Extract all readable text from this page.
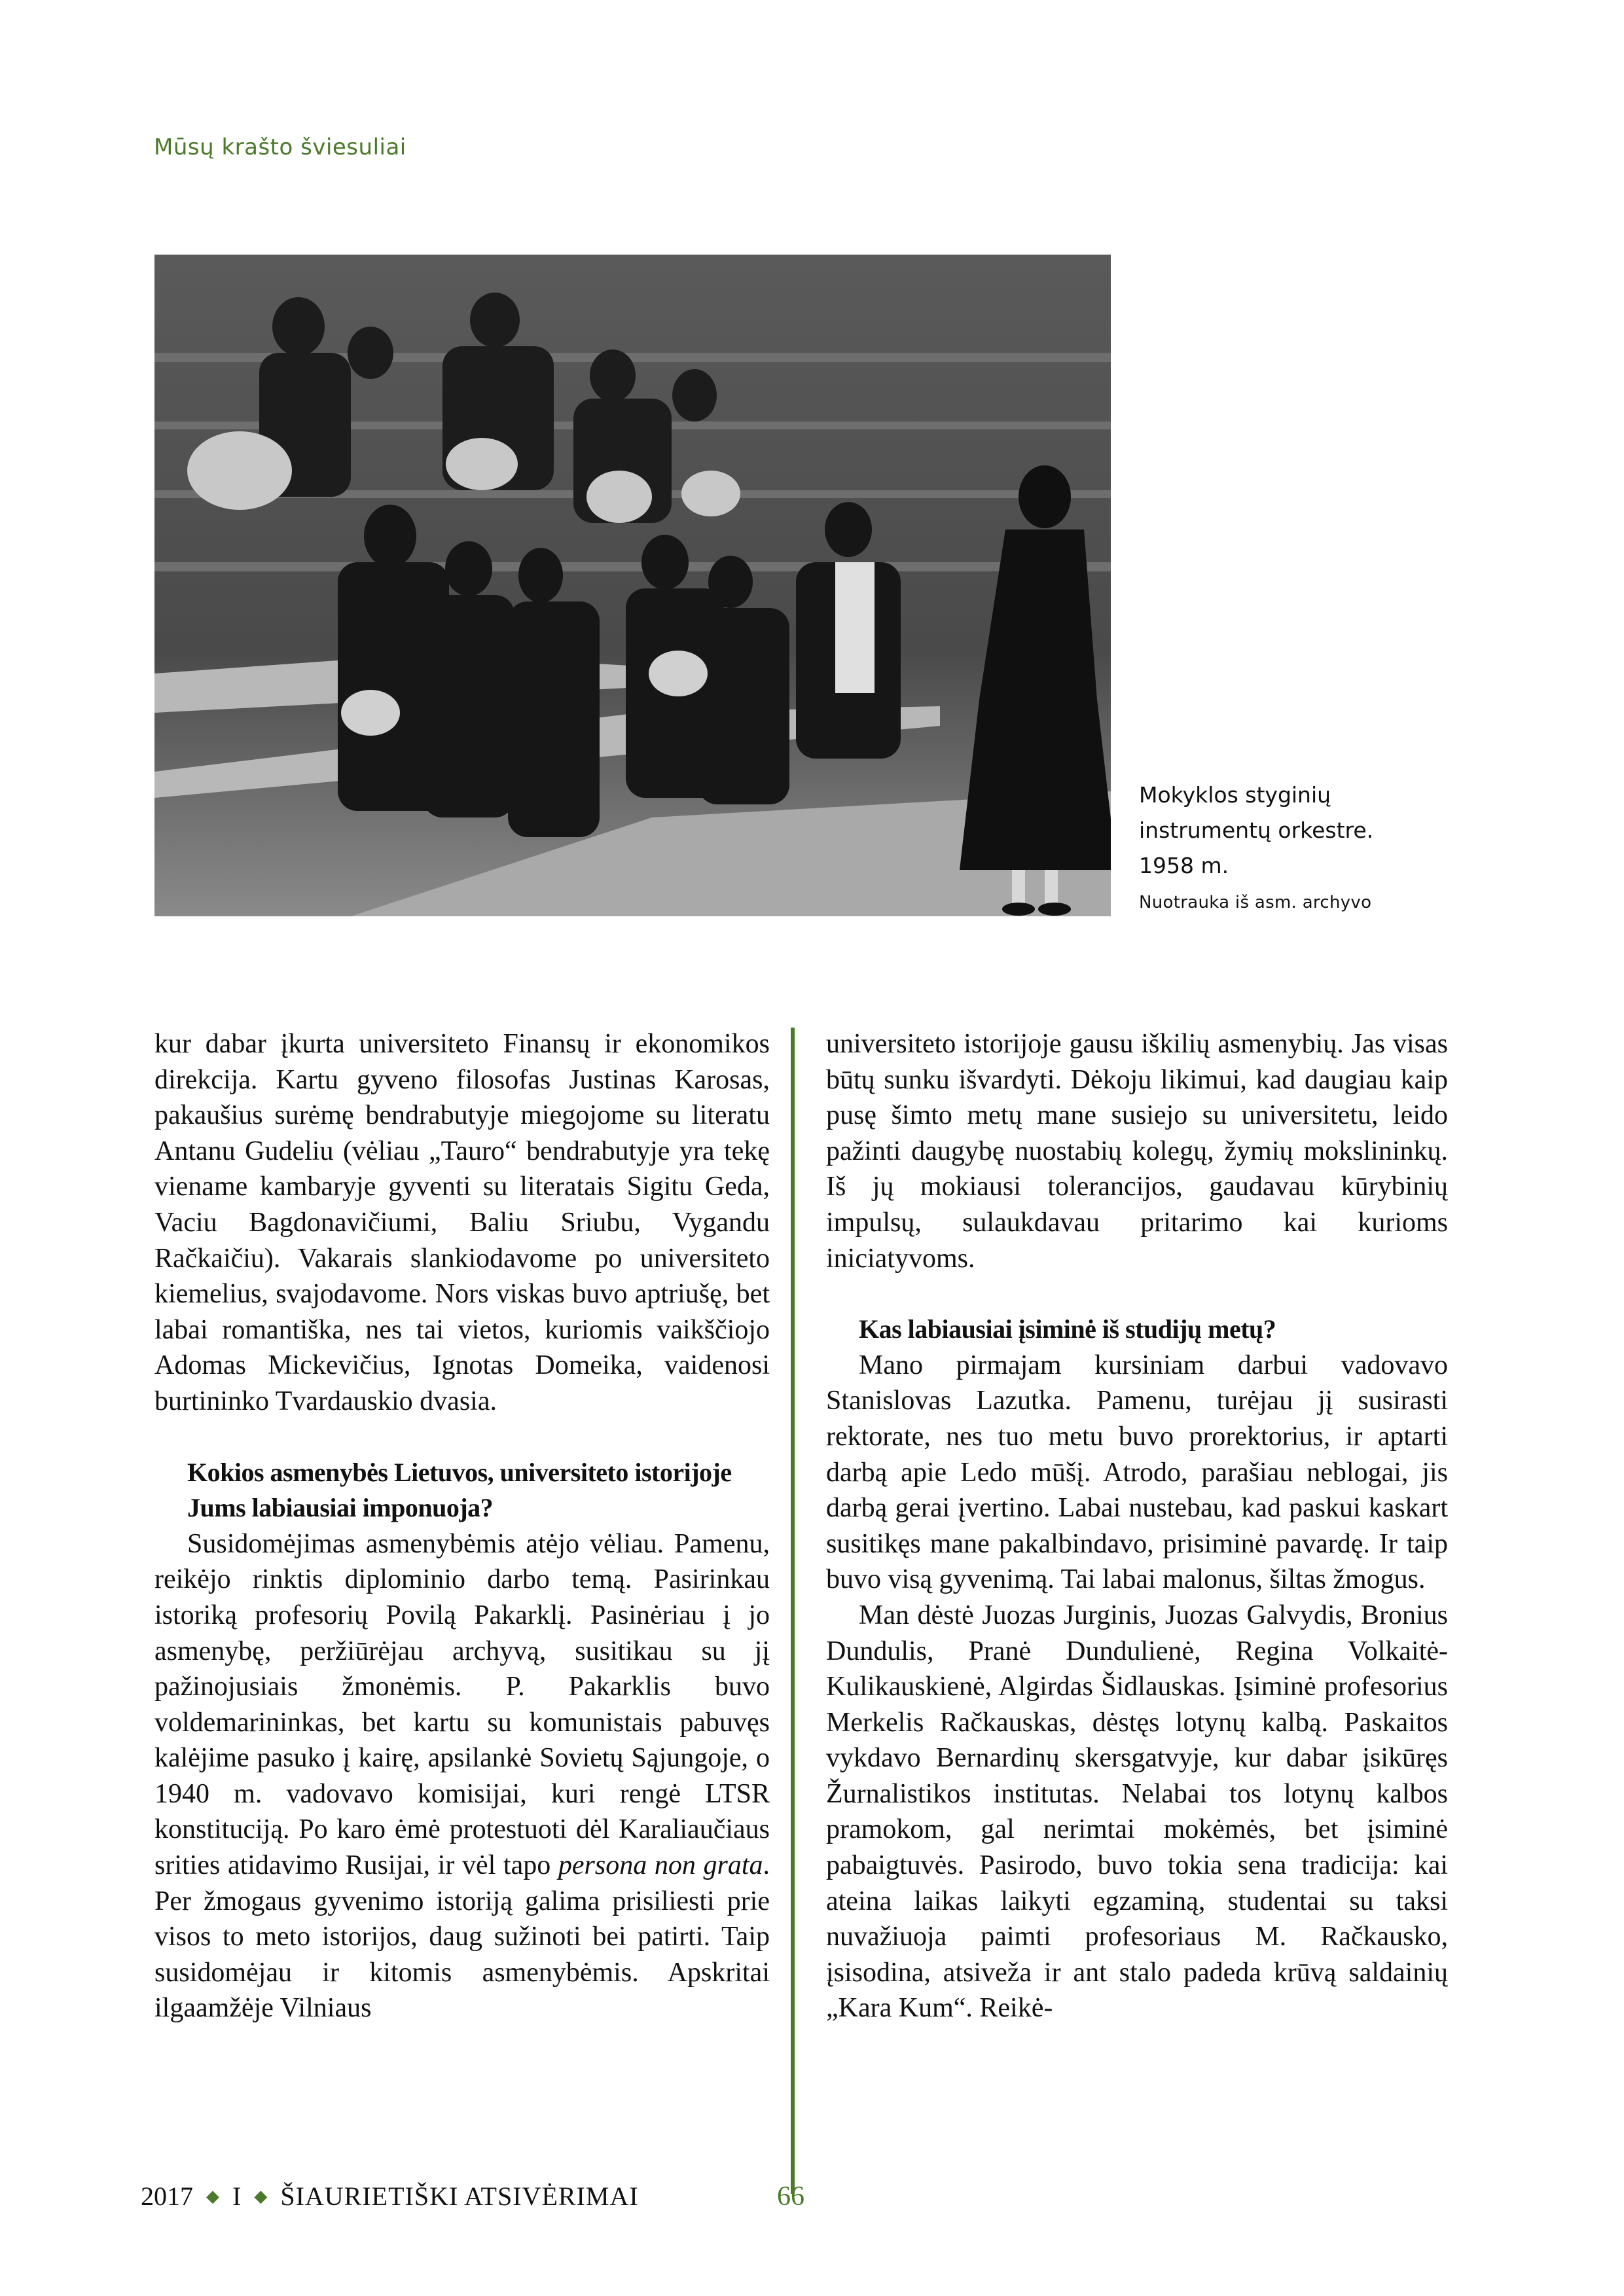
Mūsų krašto šviesuliai
Mokyklos styginių
instrumentų orkestre.
1958 m.
Nuotrauka iš asm. archyvo

kur dabar įkurta universiteto Finansų ir ekonomikos direkcija. Kartu gyveno filosofas Justinas Karosas, pakaušius surėmę bendrabutyje miegojome su literatu Antanu Gudeliu (vėliau „Tauro“ bendrabutyje yra tekę viename kambaryje gyventi su literatais Sigitu Geda, Vaciu Bagdonavičiumi, Baliu Sriubu, Vygandu Račkaičiu). Vakarais slankiodavome po universiteto kiemelius, svajodavome. Nors viskas buvo aptriušę, bet labai romantiška, nes tai vietos, kuriomis vaikščiojo Adomas Mickevičius, Ignotas Domeika, vaidenosi burtininko Tvardauskio dvasia.

Kokios asmenybės Lietuvos, universiteto istorijoje Jums labiausiai imponuoja?

Susidomėjimas asmenybėmis atėjo vėliau. Pamenu, reikėjo rinktis diplominio darbo temą. Pasirinkau istoriką profesorių Povilą Pakarklį. Pasinėriau į jo asmenybę, peržiūrėjau archyvą, susitikau su jį pažinojusiais žmonėmis. P. Pakarklis buvo voldemarininkas, bet kartu su komunistais pabuvęs kalėjime pasuko į kairę, apsilankė Sovietų Sąjungoje, o 1940 m. vadovavo komisijai, kuri rengė LTSR konstituciją. Po karo ėmė protestuoti dėl Karaliaučiaus srities atidavimo Rusijai, ir vėl tapo persona non grata. Per žmogaus gyvenimo istoriją galima prisiliesti prie visos to meto istorijos, daug sužinoti bei patirti. Taip susidomėjau ir kitomis asmenybėmis. Apskritai ilgaamžėje Vilniaus

universiteto istorijoje gausu iškilių asmenybių. Jas visas būtų sunku išvardyti. Dėkoju likimui, kad daugiau kaip pusę šimto metų mane susiejo su universitetu, leido pažinti daugybę nuostabių kolegų, žymių mokslininkų. Iš jų mokiausi tolerancijos, gaudavau kūrybinių impulsų, sulaukdavau pritarimo kai kurioms iniciatyvoms.

Kas labiausiai įsiminė iš studijų metų?

Mano pirmajam kursiniam darbui vadovavo Stanislovas Lazutka. Pamenu, turėjau jį susirasti rektorate, nes tuo metu buvo prorektorius, ir aptarti darbą apie Ledo mūšį. Atrodo, parašiau neblogai, jis darbą gerai įvertino. Labai nustebau, kad paskui kaskart susitikęs mane pakalbindavo, prisiminė pavardę. Ir taip buvo visą gyvenimą. Tai labai malonus, šiltas žmogus.

Man dėstė Juozas Jurginis, Juozas Galvydis, Bronius Dundulis, Pranė Dundulienė, Regina Volkaitė-Kulikauskienė, Algirdas Šidlauskas. Įsiminė profesorius Merkelis Račkauskas, dėstęs lotynų kalbą. Paskaitos vykdavo Bernardinų skersgatvyje, kur dabar įsikūręs Žurnalistikos institutas. Nelabai tos lotynų kalbos pramokom, gal nerimtai mokėmės, bet įsiminė pabaigtuvės. Pasirodo, buvo tokia sena tradicija: kai ateina laikas laikyti egzaminą, studentai su taksi nuvažiuoja paimti profesoriaus M. Račkausko, įsisodina, atsiveža ir ant stalo padeda krūvą saldainių „Kara Kum“. Reikė-

2017 ◆ I ◆ ŠIAURIETIŠKI ATSIVĖRIMAI	66
